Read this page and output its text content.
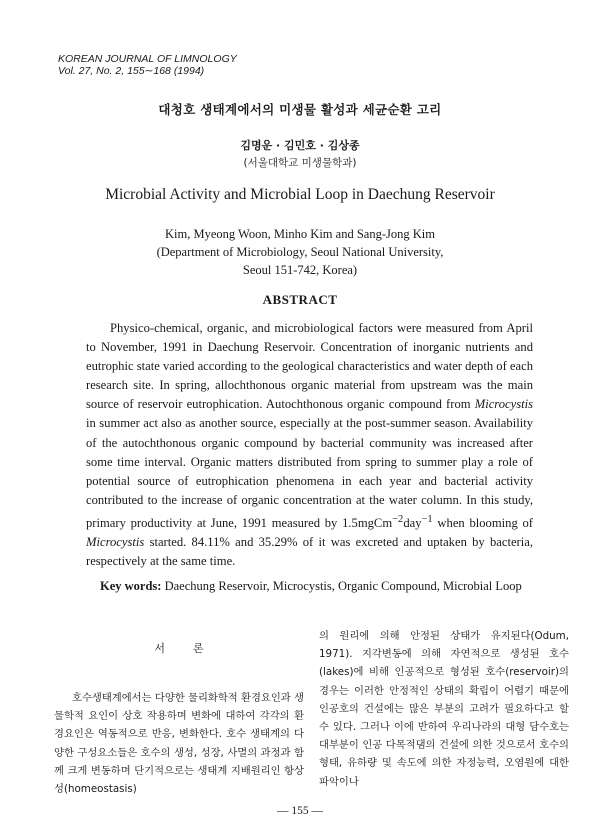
KOREAN JOURNAL OF LIMNOLOGY
Vol. 27, No. 2, 155∼168 (1994)
대청호 생태계에서의 미생물 활성과 세균순환 고리
김명운 · 김민호 · 김상종
(서울대학교 미생물학과)
Microbial Activity and Microbial Loop in Daechung Reservoir
Kim, Myeong Woon, Minho Kim and Sang-Jong Kim
(Department of Microbiology, Seoul National University,
Seoul 151-742, Korea)
ABSTRACT

Physico-chemical, organic, and microbiological factors were measured from April to November, 1991 in Daechung Reservoir. Concentration of inorganic nutrients and eutrophic state varied according to the geological characteristics and water depth of each research site. In spring, allochthonous organic material from upstream was the main source of reservoir eutrophication. Autochthonous organic compound from Microcystis in summer act also as another source, especially at the post-summer season. Availability of the autochthonous organic compound by bacterial community was increased after some time interval. Organic matters distributed from spring to summer play a role of potential source of eutrophication phenomena in each year and bacterial activity contributed to the increase of organic concentration at the water column. In this study, primary productivity at June, 1991 measured by 1.5mgCm$^{-2}$day$^{-1}$ when blooming of Microcystis started. 84.11% and 35.29% of it was excreted and uptaken by bacteria, respectively at the same time.

Key words: Daechung Reservoir, Microcystis, Organic Compound, Microbial Loop
서론

호수생태계에서는 다양한 물리화학적 환경요인과 생물학적 요인이 상호 작용하며 변화에 대하여 각각의 환경요인은 역동적으로 반응, 변화한다. 호수 생태계의 다양한 구성요소들은 호수의 생성, 성장, 사멸의 과정과 함께 크게 변동하며 단기적으로는 생태계 지배원리인 항상성(homeostasis)

의 원리에 의해 안정된 상태가 유지된다(Odum, 1971). 지각변동에 의해 자연적으로 생성된 호수(lakes)에 비해 인공적으로 형성된 호수(reservoir)의 경우는 이러한 안정적인 상태의 확립이 어렵기 때문에 인공호의 건설에는 많은 부분의 고려가 필요하다고 할 수 있다. 그러나 이에 반하여 우리나라의 대형 담수호는 대부분이 인공 다목적댐의 건설에 의한 것으로서 호수의 형태, 유하량 및 속도에 의한 자정능력, 오염원에 대한 파악이나

— 155 —
